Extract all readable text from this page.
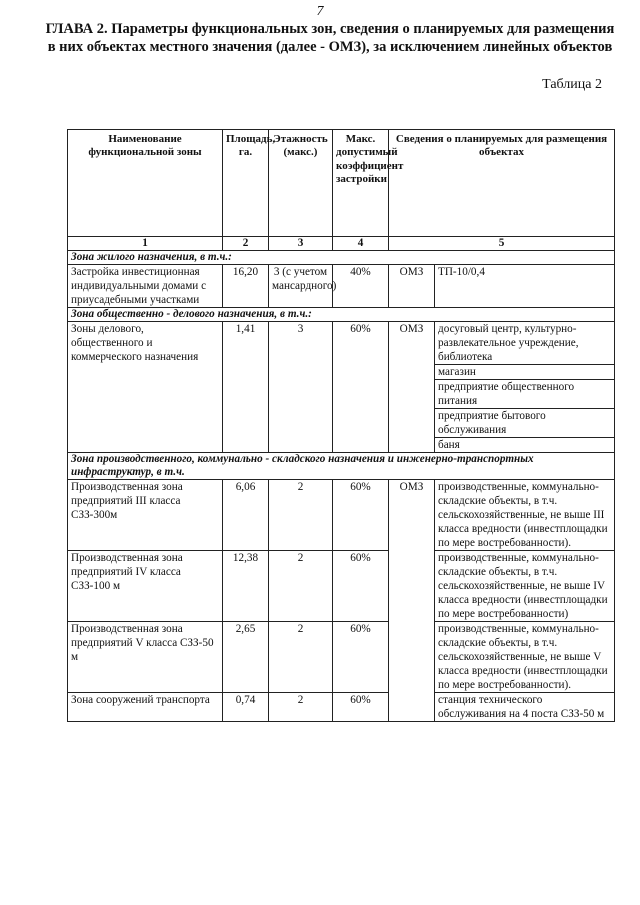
7
ГЛАВА 2. Параметры функциональных зон, сведения о планируемых для размещения в них объектах местного значения (далее - ОМЗ), за исключением линейных объектов
Таблица 2
Наименование функциональной зоны	Площадь, га.	Этажность (макс.)	Макс. допустимый коэффициент застройки	Сведения о планируемых для размещения объектах	
1	2	3	4	5	
Зона жилого назначения, в т.ч.:					
Застройка инвестиционная индивидуальными домами с приусадебными участками	16,20	3 (с учетом мансардного)	40%	ОМЗ	ТП-10/0,4
Зона общественно - делового назначения, в т.ч.:					
Зоны делового, общественного и коммерческого назначения	1,41	3	60%	ОМЗ	досуговый центр, культурно-развлекательное учреждение, библиотека
					магазин
					предприятие общественного питания
					предприятие бытового обслуживания
					баня
Зона производственного, коммунально - складского назначения и инженерно-транспортных инфраструктур, в т.ч.					
Производственная зона предприятий III класса СЗЗ-300м	6,06	2	60%	ОМЗ	производственные, коммунально-складские объекты, в т.ч. сельскохозяйственные, не выше III класса вредности (инвестплощадки по мере востребованности).
Производственная зона предприятий IV класса СЗЗ-100 м	12,38	2	60%		производственные, коммунально-складские объекты, в т.ч. сельскохозяйственные, не выше IV класса вредности (инвестплощадки по мере востребованности)
Производственная зона предприятий V класса СЗЗ-50 м	2,65	2	60%		производственные, коммунально-складские объекты, в т.ч. сельскохозяйственные, не выше V класса вредности (инвестплощадки по мере востребованности).
Зона сооружений транспорта	0,74	2	60%		станция технического обслуживания на 4 поста СЗЗ-50 м
